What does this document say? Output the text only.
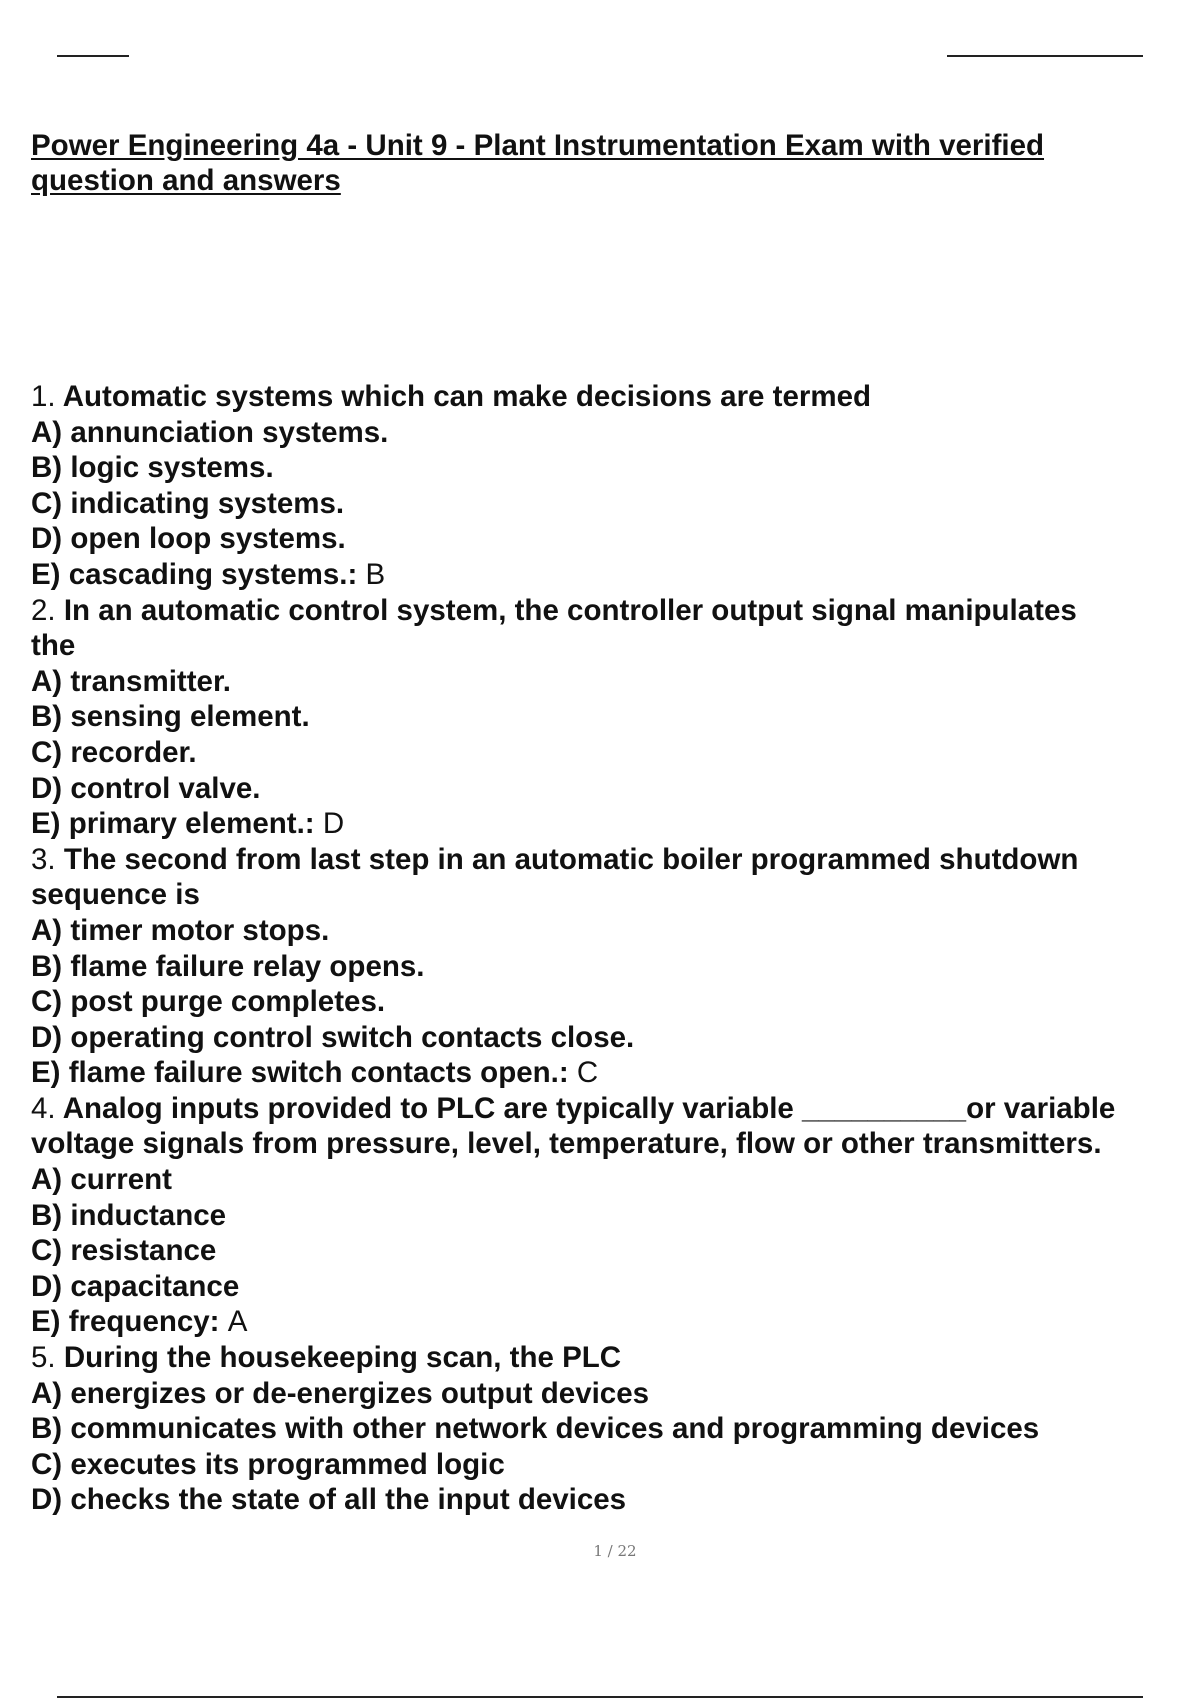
Power Engineering 4a - Unit 9 - Plant Instrumentation Exam with verified question and answers
1. Automatic systems which can make decisions are termed
A) annunciation systems.
B) logic systems.
C) indicating systems.
D) open loop systems.
E) cascading systems.: B
2. In an automatic control system, the controller output signal manipulates
the
A) transmitter.
B) sensing element.
C) recorder.
D) control valve.
E) primary element.: D
3. The second from last step in an automatic boiler programmed shutdown
sequence is
A) timer motor stops.
B) flame failure relay opens.
C) post purge completes.
D) operating control switch contacts close.
E) flame failure switch contacts open.: C
4. Analog inputs provided to PLC are typically variable __________or variable
voltage signals from pressure, level, temperature, flow or other transmitters.
A) current
B) inductance
C) resistance
D) capacitance
E) frequency: A
5. During the housekeeping scan, the PLC
A) energizes or de-energizes output devices
B) communicates with other network devices and programming devices
C) executes its programmed logic
D) checks the state of all the input devices
1 / 22
